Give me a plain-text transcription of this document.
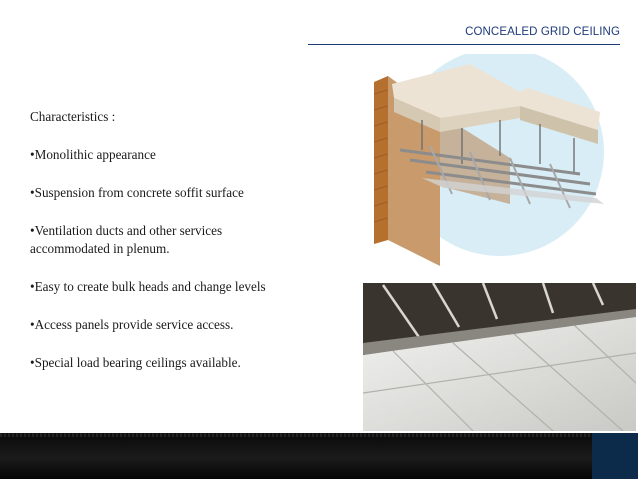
CONCEALED GRID CEILING
Characteristics :
•Monolithic appearance
•Suspension from concrete soffit surface
•Ventilation ducts and other services
accommodated in plenum.
•Easy to create bulk heads and change levels
•Access panels provide service access.
•Special load bearing ceilings available.
